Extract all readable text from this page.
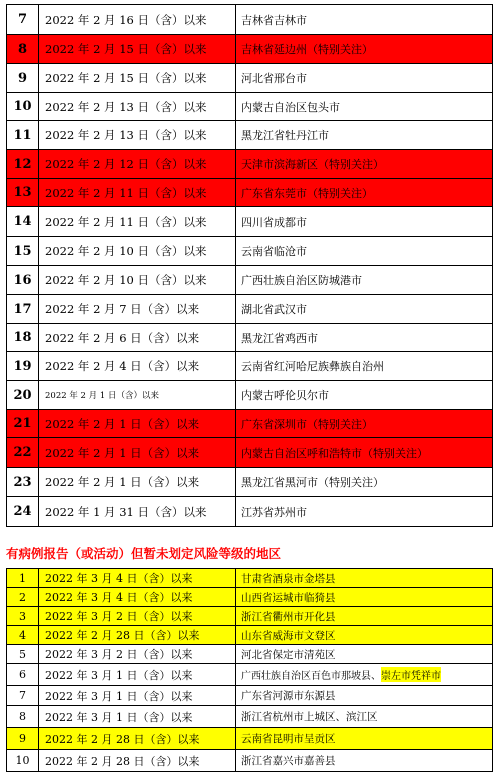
7	2022 年 2 月 16 日（含）以来	吉林省吉林市
8	2022 年 2 月 15 日（含）以来	吉林省延边州（特别关注）
9	2022 年 2 月 15 日（含）以来	河北省邢台市
10	2022 年 2 月 13 日（含）以来	内蒙古自治区包头市
11	2022 年 2 月 13 日（含）以来	黑龙江省牡丹江市
12	2022 年 2 月 12 日（含）以来	天津市滨海新区（特别关注）
13	2022 年 2 月 11 日（含）以来	广东省东莞市（特别关注）
14	2022 年 2 月 11 日（含）以来	四川省成都市
15	2022 年 2 月 10 日（含）以来	云南省临沧市
16	2022 年 2 月 10 日（含）以来	广西壮族自治区防城港市
17	2022 年 2 月 7 日（含）以来	湖北省武汉市
18	2022 年 2 月 6 日（含）以来	黑龙江省鸡西市
19	2022 年 2 月 4 日（含）以来	云南省红河哈尼族彝族自治州
20	2022 年 2 月 1 日（含）以来	内蒙古呼伦贝尔市
21	2022 年 2 月 1 日（含）以来	广东省深圳市（特别关注）
22	2022 年 2 月 1 日（含）以来	内蒙古自治区呼和浩特市（特别关注）
23	2022 年 2 月 1 日（含）以来	黑龙江省黑河市（特别关注）
24	2022 年 1 月 31 日（含）以来	江苏省苏州市
有病例报告（或活动）但暂未划定风险等级的地区
1	2022 年 3 月 4 日（含）以来	甘肃省酒泉市金塔县
2	2022 年 3 月 4 日（含）以来	山西省运城市临猗县
3	2022 年 3 月 2 日（含）以来	浙江省衢州市开化县
4	2022 年 2 月 28 日（含）以来	山东省威海市文登区
5	2022 年 3 月 2 日（含）以来	河北省保定市清苑区
6	2022 年 3 月 1 日（含）以来	广西壮族自治区百色市那坡县、 崇左市凭祥市
7	2022 年 3 月 1 日（含）以来	广东省河源市东源县
8	2022 年 3 月 1 日（含）以来	浙江省杭州市上城区、滨江区
9	2022 年 2 月 28 日（含）以来	云南省昆明市呈贡区
10	2022 年 2 月 28 日（含）以来	浙江省嘉兴市嘉善县
